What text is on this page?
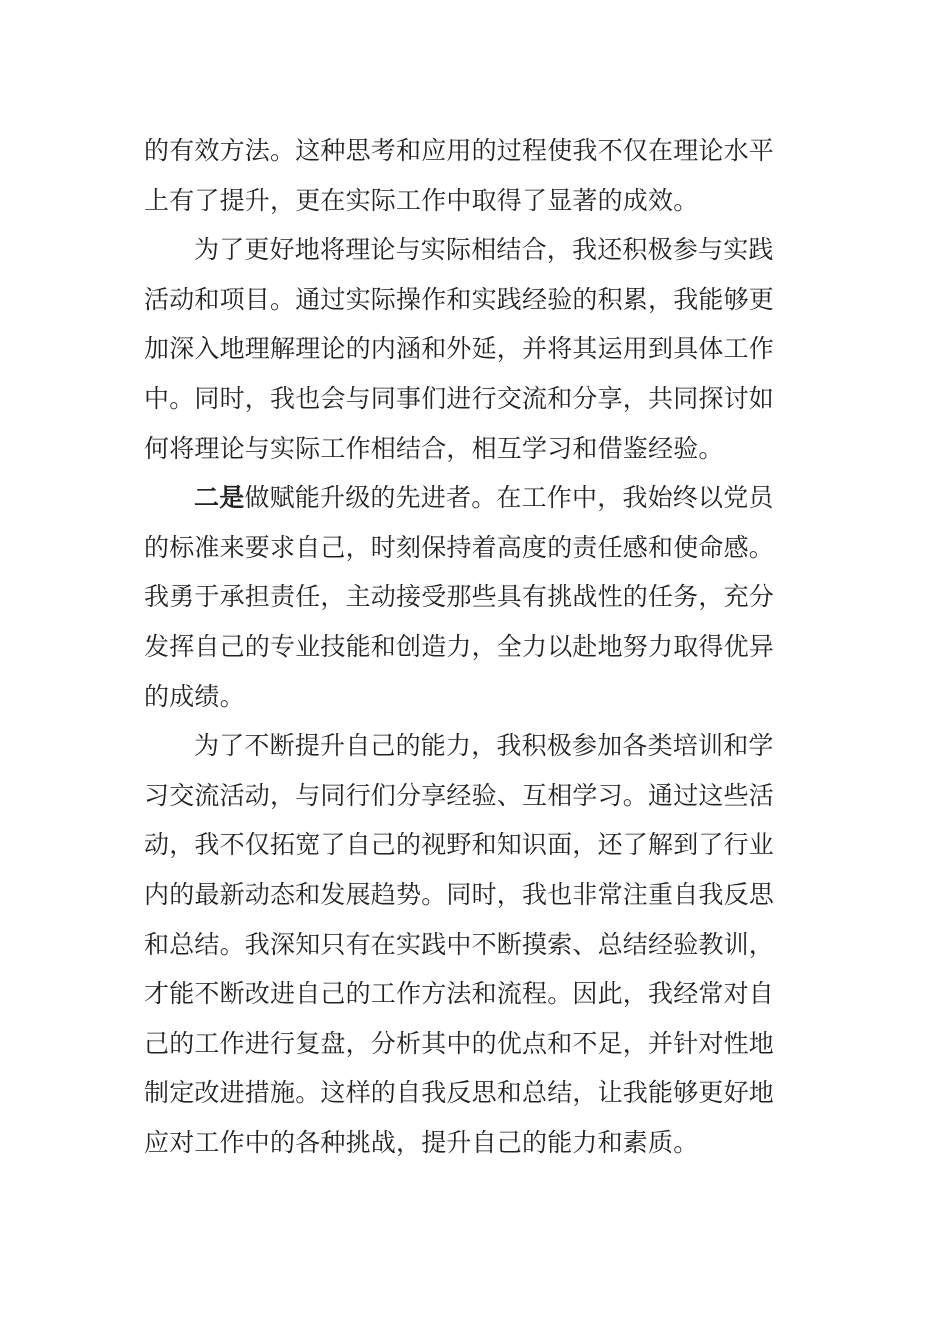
的有效方法。这种思考和应用的过程使我不仅在理论水平
上有了提升，更在实际工作中取得了显著的成效。
为了更好地将理论与实际相结合，我还积极参与实践
活动和项目。通过实际操作和实践经验的积累，我能够更
加深入地理解理论的内涵和外延，并将其运用到具体工作
中。同时，我也会与同事们进行交流和分享，共同探讨如
何将理论与实际工作相结合，相互学习和借鉴经验。
二是做赋能升级的先进者。在工作中，我始终以党员
的标准来要求自己，时刻保持着高度的责任感和使命感。
我勇于承担责任，主动接受那些具有挑战性的任务，充分
发挥自己的专业技能和创造力，全力以赴地努力取得优异
的成绩。
为了不断提升自己的能力，我积极参加各类培训和学
习交流活动，与同行们分享经验、互相学习。通过这些活
动，我不仅拓宽了自己的视野和知识面，还了解到了行业
内的最新动态和发展趋势。同时，我也非常注重自我反思
和总结。我深知只有在实践中不断摸索、总结经验教训，
才能不断改进自己的工作方法和流程。因此，我经常对自
己的工作进行复盘，分析其中的优点和不足，并针对性地
制定改进措施。这样的自我反思和总结，让我能够更好地
应对工作中的各种挑战，提升自己的能力和素质。
